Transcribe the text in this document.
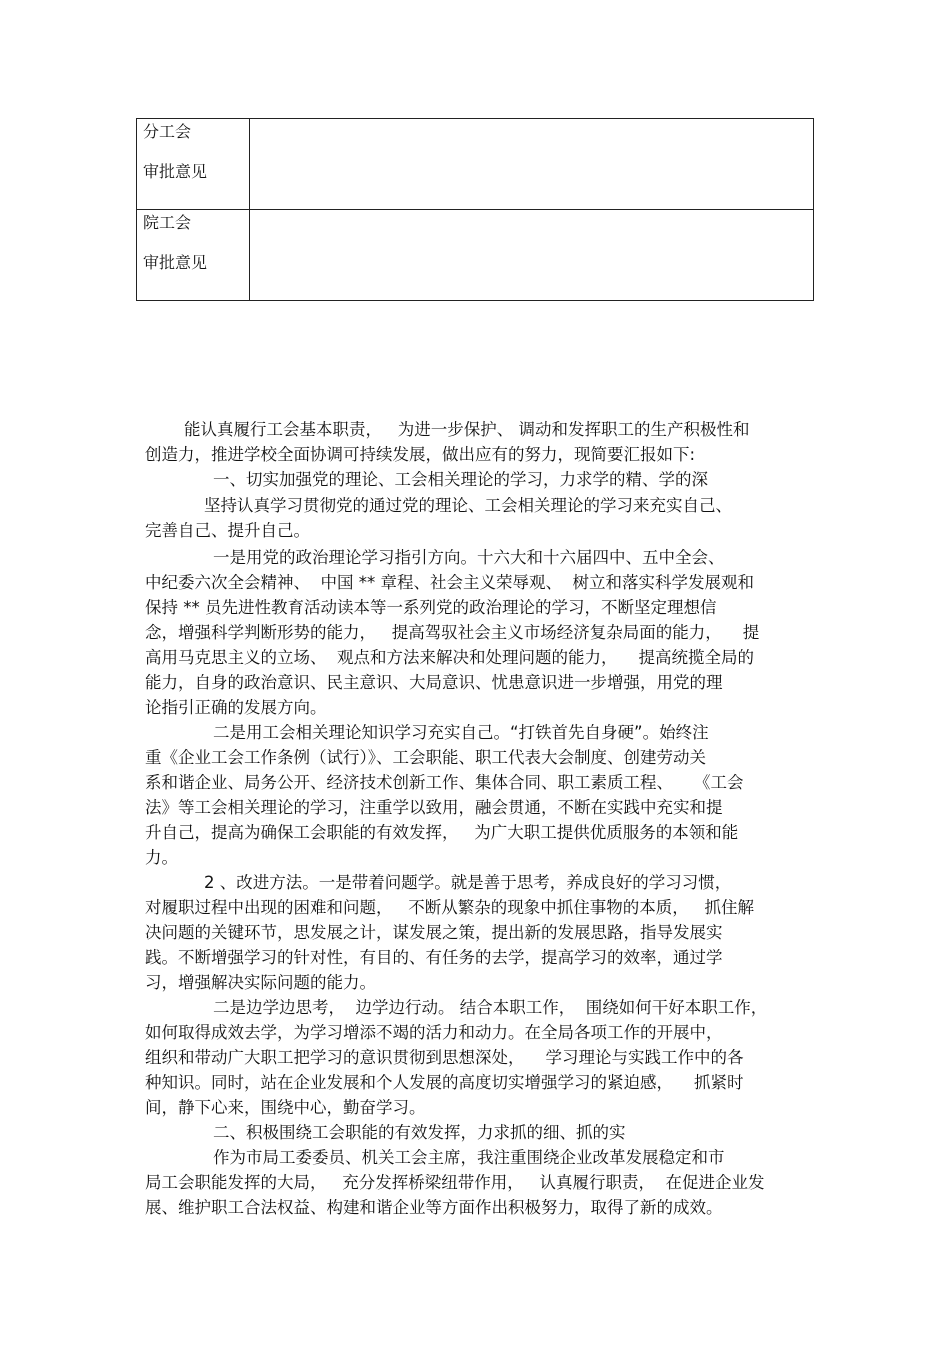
分工会
审批意见	

院工会
审批意见	

能认真履行工会基本职责，   为进一步保护、 调动和发挥职工的生产积极性和
创造力，推进学校全面协调可持续发展，做出应有的努力，现简要汇报如下:
一、切实加强党的理论、工会相关理论的学习，力求学的精、学的深
坚持认真学习贯彻党的通过党的理论、工会相关理论的学习来充实自己、
完善自己、提升自己。
一是用党的政治理论学习指引方向。十六大和十六届四中、五中全会、
中纪委六次全会精神、  中国 ** 章程、社会主义荣辱观、  树立和落实科学发展观和
保持 ** 员先进性教育活动读本等一系列党的政治理论的学习，不断坚定理想信
念，增强科学判断形势的能力，   提高驾驭社会主义市场经济复杂局面的能力，    提
高用马克思主义的立场、  观点和方法来解决和处理问题的能力，    提高统揽全局的
能力，自身的政治意识、民主意识、大局意识、忧患意识进一步增强，用党的理
论指引正确的发展方向。
二是用工会相关理论知识学习充实自己。“打铁首先自身硬”。始终注
重《企业工会工作条例（试行）》、工会职能、职工代表大会制度、创建劳动关
系和谐企业、局务公开、经济技术创新工作、集体合同、职工素质工程、    《工会
法》等工会相关理论的学习，注重学以致用，融会贯通，不断在实践中充实和提
升自己，提高为确保工会职能的有效发挥，   为广大职工提供优质服务的本领和能
力。
2 、改进方法。一是带着问题学。就是善于思考，养成良好的学习习惯，
对履职过程中出现的困难和问题，   不断从繁杂的现象中抓住事物的本质，   抓住解
决问题的关键环节，思发展之计，谋发展之策，提出新的发展思路，指导发展实
践。不断增强学习的针对性，有目的、有任务的去学，提高学习的效率，通过学
习，增强解决实际问题的能力。
二是边学边思考，  边学边行动。 结合本职工作，  围绕如何干好本职工作，
如何取得成效去学，为学习增添不竭的活力和动力。在全局各项工作的开展中，
组织和带动广大职工把学习的意识贯彻到思想深处，    学习理论与实践工作中的各
种知识。同时，站在企业发展和个人发展的高度切实增强学习的紧迫感，    抓紧时
间，静下心来，围绕中心，勤奋学习。
二、积极围绕工会职能的有效发挥，力求抓的细、抓的实
作为市局工委委员、机关工会主席，我注重围绕企业改革发展稳定和市
局工会职能发挥的大局，   充分发挥桥梁纽带作用，   认真履行职责，  在促进企业发
展、维护职工合法权益、构建和谐企业等方面作出积极努力，取得了新的成效。
